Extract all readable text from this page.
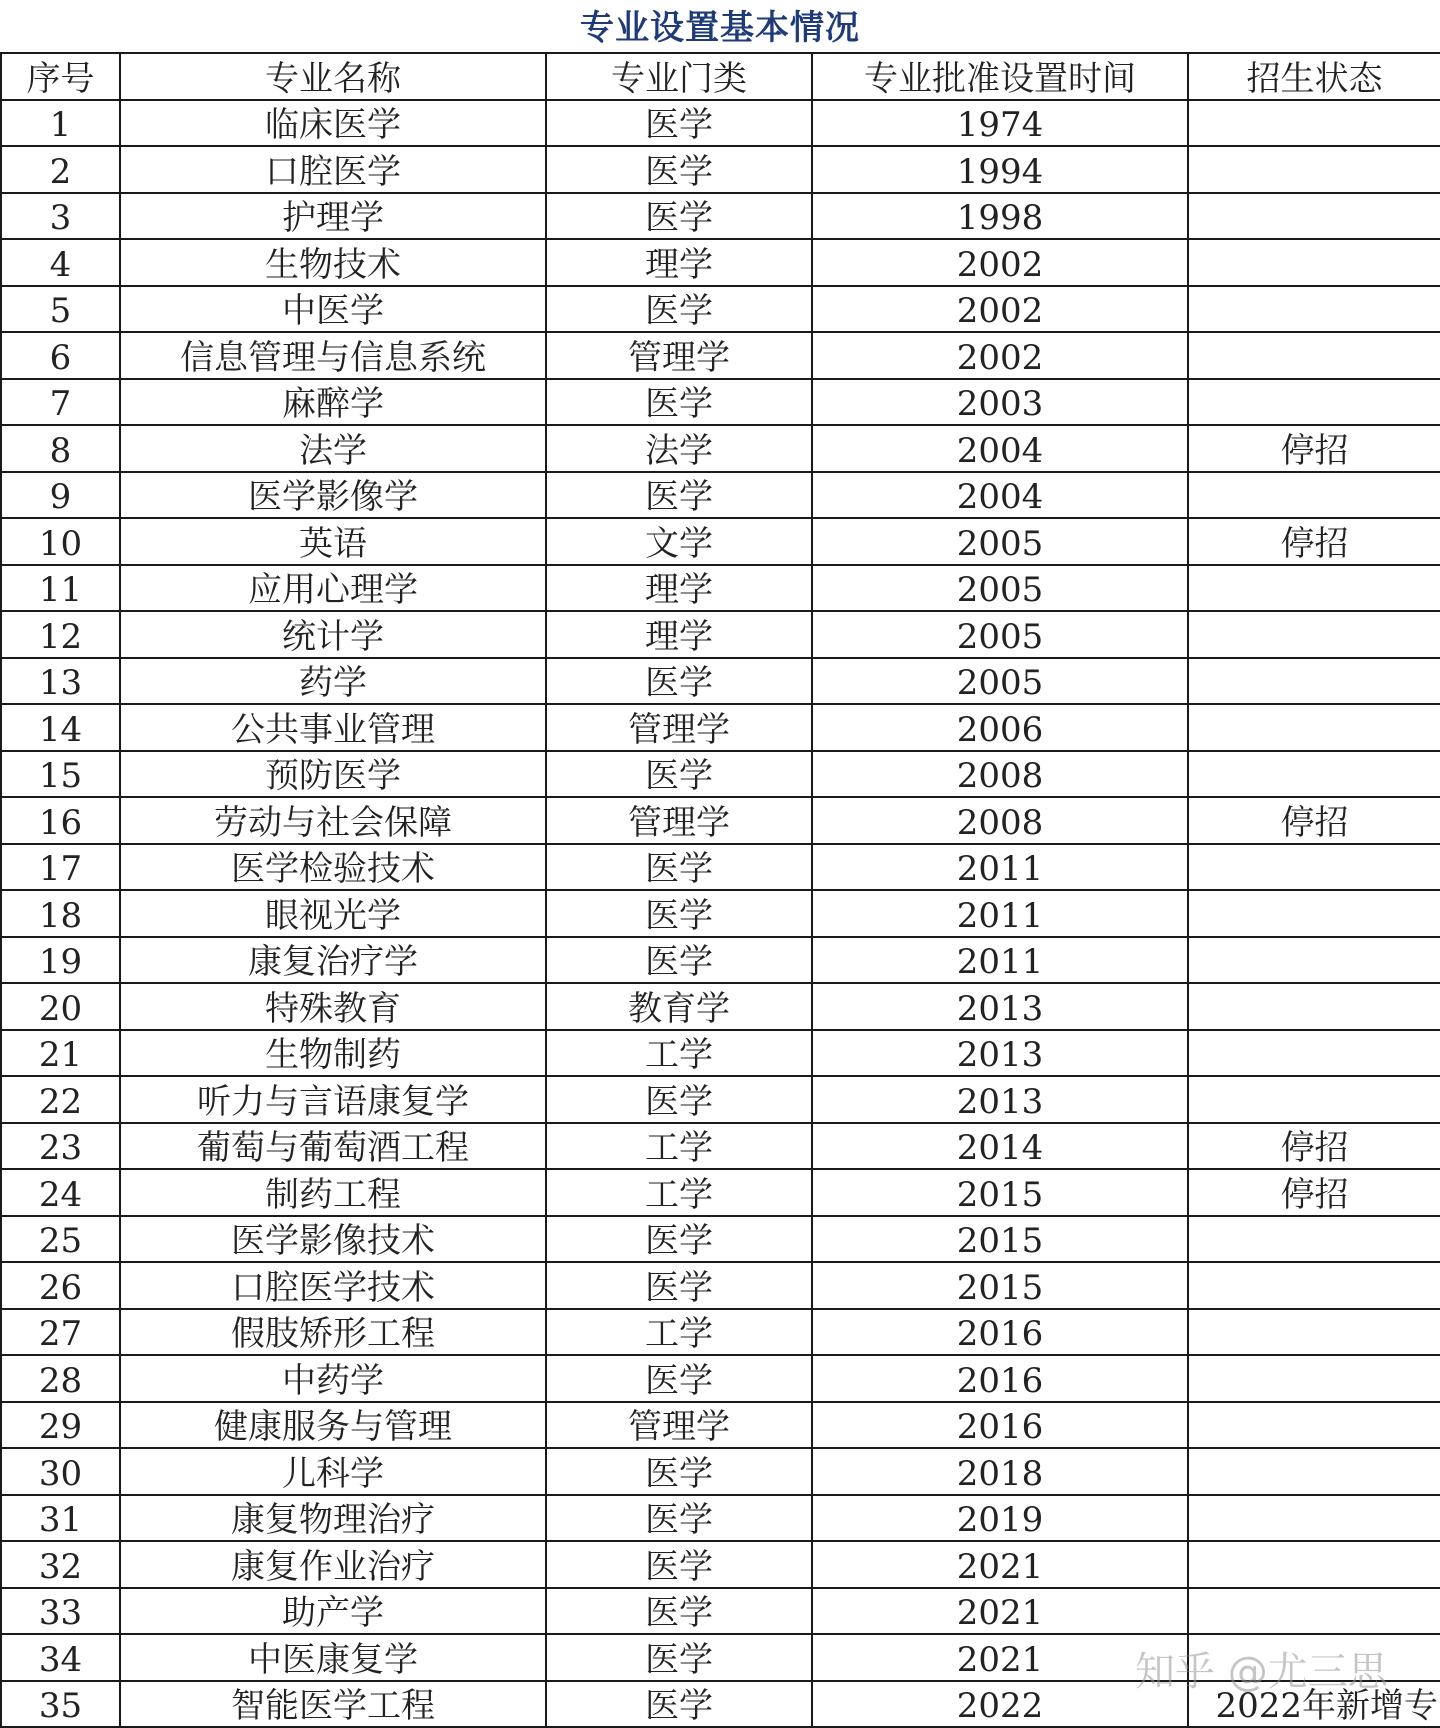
专业设置基本情况
序号	专业名称	专业门类	专业批准设置时间	招生状态
1	临床医学	医学	1974	
2	口腔医学	医学	1994	
3	护理学	医学	1998	
4	生物技术	理学	2002	
5	中医学	医学	2002	
6	信息管理与信息系统	管理学	2002	
7	麻醉学	医学	2003	
8	法学	法学	2004	停招
9	医学影像学	医学	2004	
10	英语	文学	2005	停招
11	应用心理学	理学	2005	
12	统计学	理学	2005	
13	药学	医学	2005	
14	公共事业管理	管理学	2006	
15	预防医学	医学	2008	
16	劳动与社会保障	管理学	2008	停招
17	医学检验技术	医学	2011	
18	眼视光学	医学	2011	
19	康复治疗学	医学	2011	
20	特殊教育	教育学	2013	
21	生物制药	工学	2013	
22	听力与言语康复学	医学	2013	
23	葡萄与葡萄酒工程	工学	2014	停招
24	制药工程	工学	2015	停招
25	医学影像技术	医学	2015	
26	口腔医学技术	医学	2015	
27	假肢矫形工程	工学	2016	
28	中药学	医学	2016	
29	健康服务与管理	管理学	2016	
30	儿科学	医学	2018	
31	康复物理治疗	医学	2019	
32	康复作业治疗	医学	2021	
33	助产学	医学	2021	
34	中医康复学	医学	2021	
35	智能医学工程	医学	2022	2022年新增专
知乎 @尤三思
